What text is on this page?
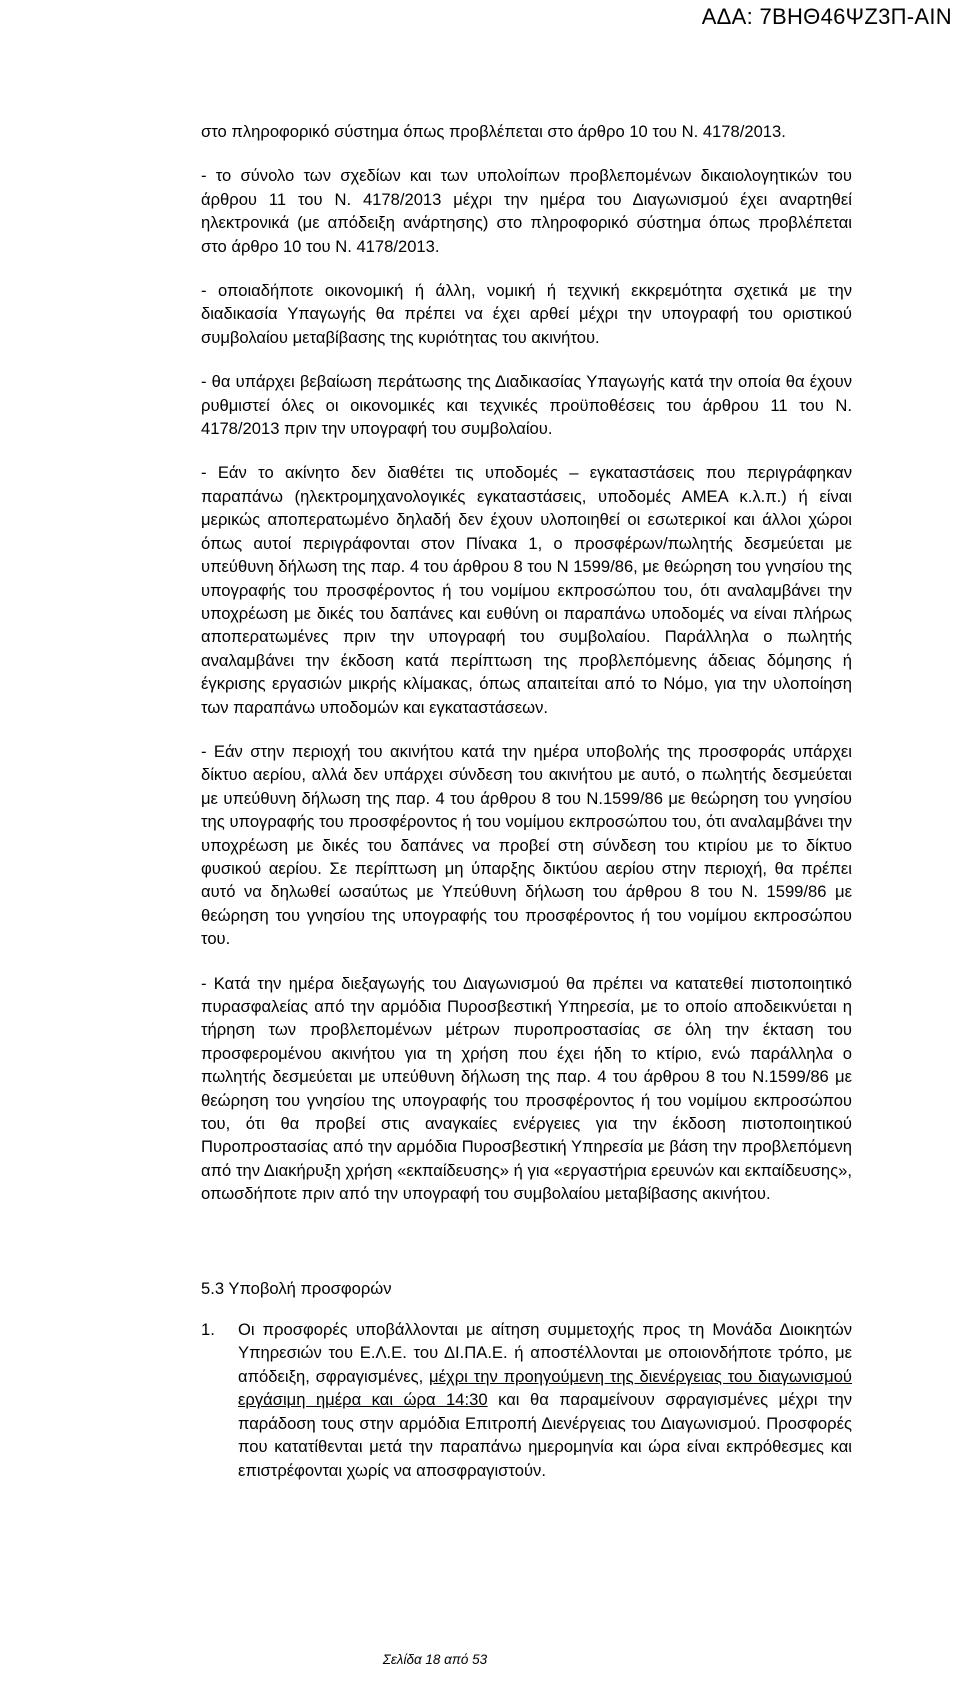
ΑΔΑ: 7ΒΗΘ46ΨΖ3Π-ΑΙΝ

στο πληροφορικό σύστημα όπως προβλέπεται στο άρθρο 10 του Ν. 4178/2013.

- το σύνολο των σχεδίων και των υπολοίπων προβλεπομένων δικαιολογητικών του άρθρου 11 του Ν. 4178/2013 μέχρι την ημέρα του Διαγωνισμού έχει αναρτηθεί ηλεκτρονικά (με απόδειξη ανάρτησης) στο πληροφορικό σύστημα όπως προβλέπεται στο άρθρο 10 του Ν. 4178/2013.

- οποιαδήποτε οικονομική ή άλλη, νομική ή τεχνική εκκρεμότητα σχετικά με την διαδικασία Υπαγωγής θα πρέπει να έχει αρθεί μέχρι την υπογραφή του οριστικού συμβολαίου μεταβίβασης της κυριότητας του ακινήτου.

- θα υπάρχει βεβαίωση περάτωσης της Διαδικασίας Υπαγωγής κατά την οποία θα έχουν ρυθμιστεί όλες οι οικονομικές και τεχνικές προϋποθέσεις του άρθρου 11 του Ν. 4178/2013 πριν την υπογραφή του συμβολαίου.

- Εάν το ακίνητο δεν διαθέτει τις υποδομές – εγκαταστάσεις που περιγράφηκαν παραπάνω (ηλεκτρομηχανολογικές εγκαταστάσεις, υποδομές ΑΜΕΑ κ.λ.π.) ή είναι μερικώς αποπερατωμένο δηλαδή δεν έχουν υλοποιηθεί οι εσωτερικοί και άλλοι χώροι όπως αυτοί περιγράφονται στον Πίνακα 1, ο προσφέρων/πωλητής δεσμεύεται με υπεύθυνη δήλωση της παρ. 4 του άρθρου 8 του Ν 1599/86, με θεώρηση του γνησίου της υπογραφής του προσφέροντος ή του νομίμου εκπροσώπου του, ότι αναλαμβάνει την υποχρέωση με δικές του δαπάνες και ευθύνη οι παραπάνω υποδομές να είναι πλήρως αποπερατωμένες πριν την υπογραφή του συμβολαίου. Παράλληλα ο πωλητής αναλαμβάνει την έκδοση κατά περίπτωση της προβλεπόμενης άδειας δόμησης ή έγκρισης εργασιών μικρής κλίμακας, όπως απαιτείται από το Νόμο, για την υλοποίηση των παραπάνω υποδομών και εγκαταστάσεων.

- Εάν στην περιοχή του ακινήτου κατά την ημέρα υποβολής της προσφοράς υπάρχει δίκτυο αερίου, αλλά δεν υπάρχει σύνδεση του ακινήτου με αυτό, ο πωλητής δεσμεύεται με υπεύθυνη δήλωση της παρ. 4 του άρθρου 8 του Ν.1599/86 με θεώρηση του γνησίου της υπογραφής του προσφέροντος ή του νομίμου εκπροσώπου του, ότι αναλαμβάνει την υποχρέωση με δικές του δαπάνες να προβεί στη σύνδεση του κτιρίου με το δίκτυο φυσικού αερίου. Σε περίπτωση μη ύπαρξης δικτύου αερίου στην περιοχή, θα πρέπει αυτό να δηλωθεί ωσαύτως με Υπεύθυνη δήλωση του άρθρου 8 του Ν. 1599/86 με θεώρηση του γνησίου της υπογραφής του προσφέροντος ή του νομίμου εκπροσώπου του.

- Κατά την ημέρα διεξαγωγής του Διαγωνισμού θα πρέπει να κατατεθεί πιστοποιητικό πυρασφαλείας από την αρμόδια Πυροσβεστική Υπηρεσία, με το οποίο αποδεικνύεται η τήρηση των προβλεπομένων μέτρων πυροπροστασίας σε όλη την έκταση του προσφερομένου ακινήτου για τη χρήση που έχει ήδη το κτίριο, ενώ παράλληλα ο πωλητής δεσμεύεται με υπεύθυνη δήλωση της παρ. 4 του άρθρου 8 του Ν.1599/86 με θεώρηση του γνησίου της υπογραφής του προσφέροντος ή του νομίμου εκπροσώπου του, ότι θα προβεί στις αναγκαίες ενέργειες για την έκδοση πιστοποιητικού Πυροπροστασίας από την αρμόδια Πυροσβεστική Υπηρεσία με βάση την προβλεπόμενη από την Διακήρυξη χρήση «εκπαίδευσης» ή για «εργαστήρια ερευνών και εκπαίδευσης», οπωσδήποτε πριν από την υπογραφή του συμβολαίου μεταβίβασης ακινήτου.

5.3 Υποβολή προσφορών

1.	Οι προσφορές υποβάλλονται με αίτηση συμμετοχής προς τη Μονάδα Διοικητών Υπηρεσιών του Ε.Λ.Ε. του ΔΙ.ΠΑ.Ε. ή αποστέλλονται με οποιονδήποτε τρόπο, με απόδειξη, σφραγισμένες, μέχρι την προηγούμενη της διενέργειας του διαγωνισμού εργάσιμη ημέρα και ώρα 14:30 και θα παραμείνουν σφραγισμένες μέχρι την παράδοση τους στην αρμόδια Επιτροπή Διενέργειας του Διαγωνισμού. Προσφορές που κατατίθενται μετά την παραπάνω ημερομηνία και ώρα είναι εκπρόθεσμες και επιστρέφονται χωρίς να αποσφραγιστούν.
Σελίδα 18 από 53
